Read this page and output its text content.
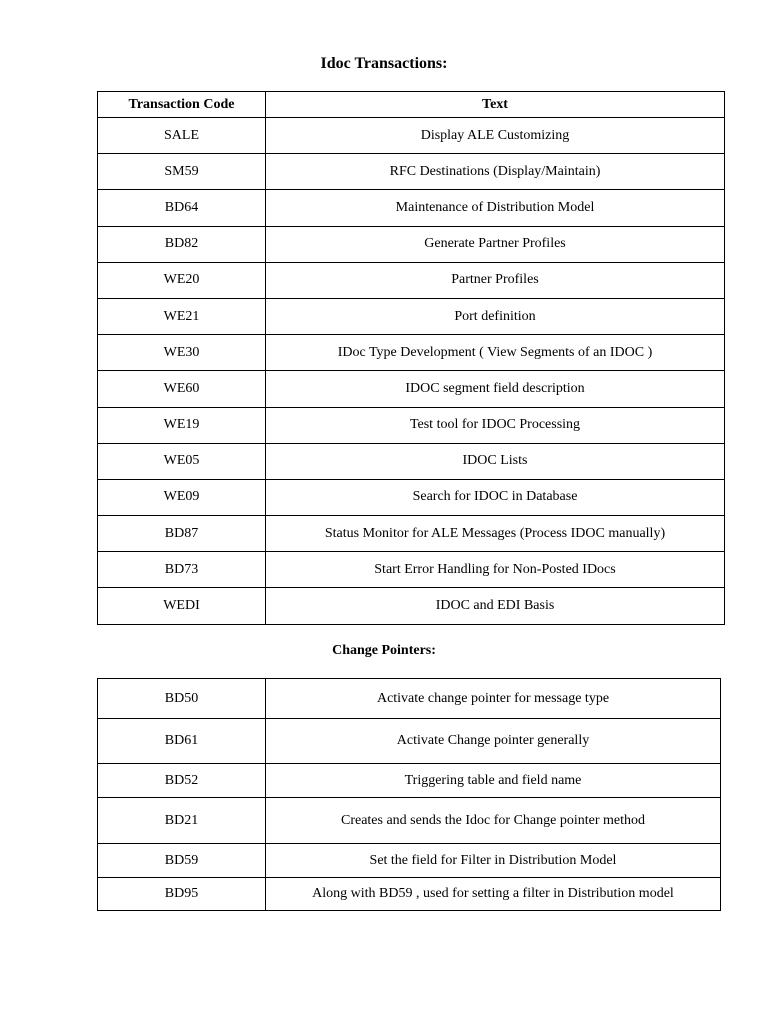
Idoc Transactions:
Transaction Code	Text
SALE	Display ALE Customizing
SM59	RFC Destinations (Display/Maintain)
BD64	Maintenance of Distribution Model
BD82	Generate Partner Profiles
WE20	Partner Profiles
WE21	Port definition
WE30	IDoc Type Development ( View Segments of an IDOC )
WE60	IDOC segment field description
WE19	Test tool for IDOC Processing
WE05	IDOC Lists
WE09	Search for IDOC in Database
BD87	Status Monitor for ALE Messages (Process IDOC manually)
BD73	Start Error Handling for Non-Posted IDocs
WEDI	IDOC and EDI Basis
Change Pointers:
BD50	Activate change pointer for message type
BD61	Activate Change pointer generally
BD52	Triggering table and field name
BD21	Creates and sends the Idoc for Change pointer method
BD59	Set the field for Filter in Distribution Model
BD95	Along with BD59 , used for setting a filter in Distribution model
